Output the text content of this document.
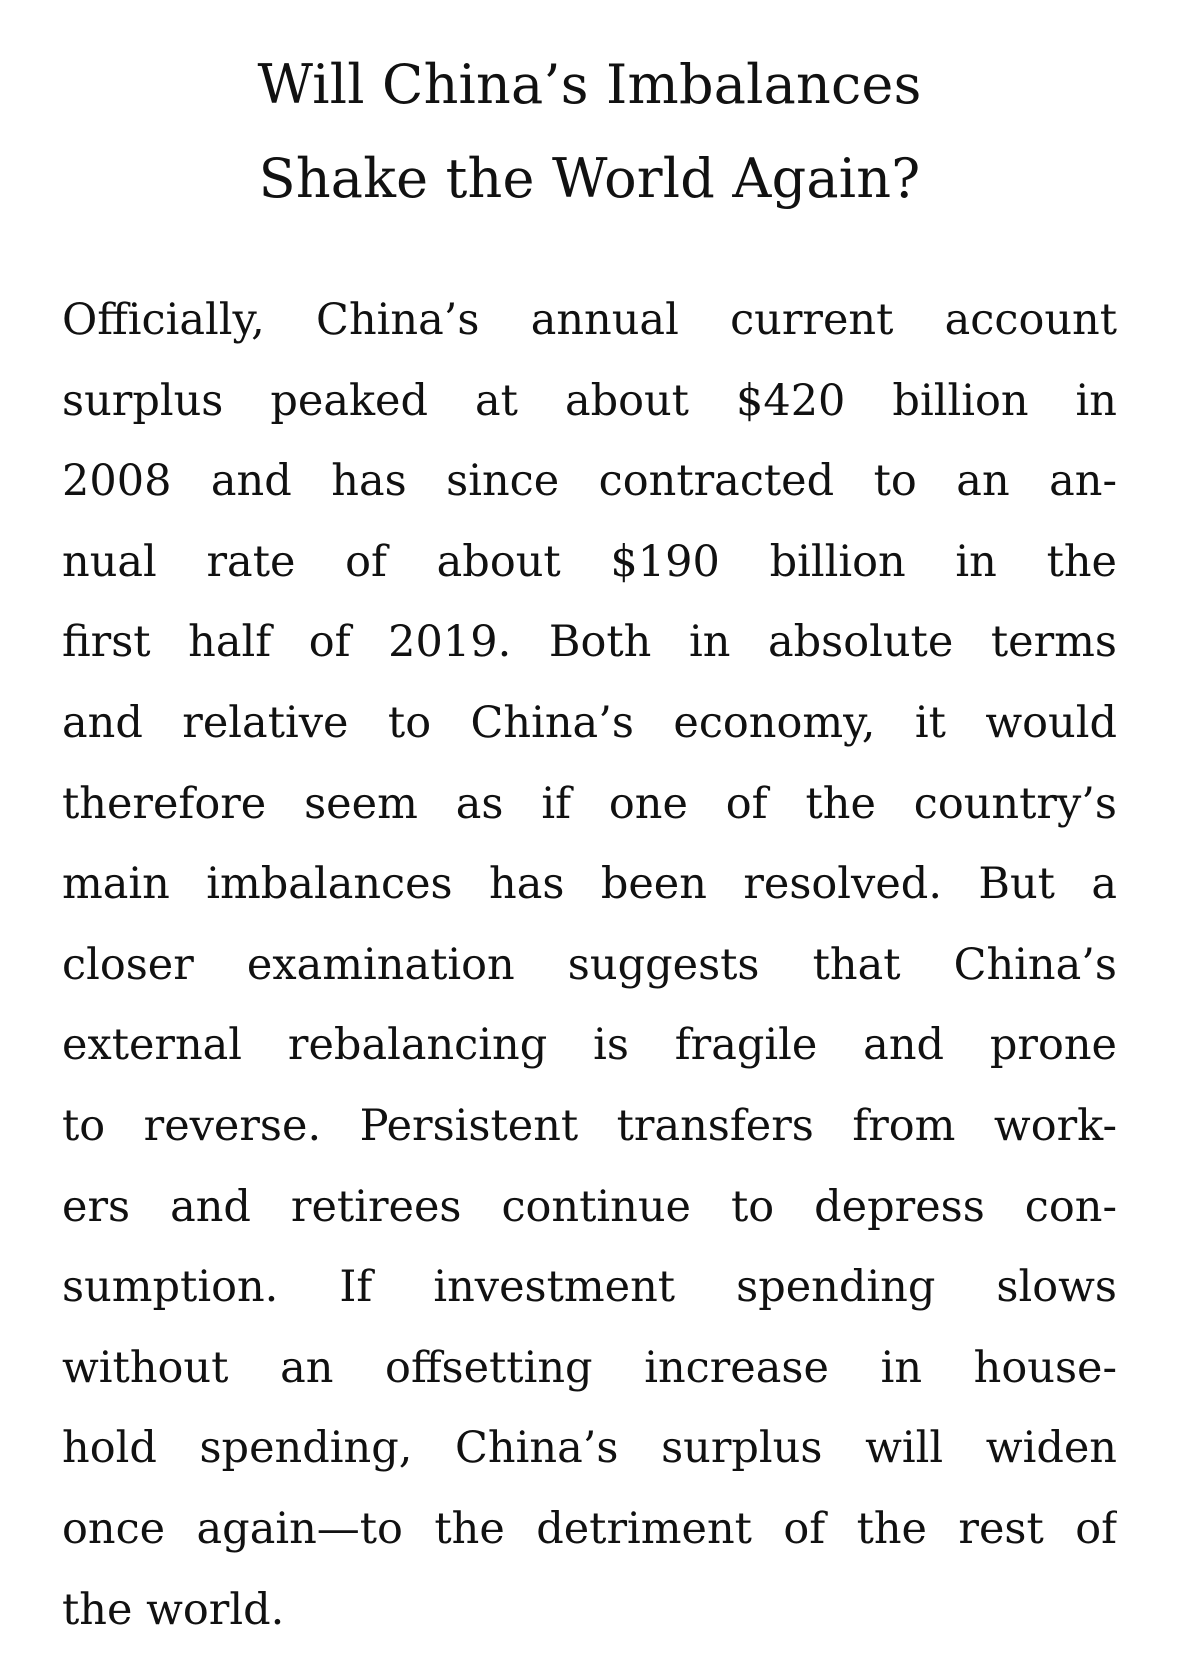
Will China’s Imbalances
Shake the World Again?
Officially, China’s annual current account
surplus peaked at about $420 billion in
2008 and has since contracted to an an-
nual rate of about $190 billion in the
first half of 2019. Both in absolute terms
and relative to China’s economy, it would
therefore seem as if one of the country’s
main imbalances has been resolved. But a
closer examination suggests that China’s
external rebalancing is fragile and prone
to reverse. Persistent transfers from work-
ers and retirees continue to depress con-
sumption. If investment spending slows
without an offsetting increase in house-
hold spending, China’s surplus will widen
once again—to the detriment of the rest of
the world.
